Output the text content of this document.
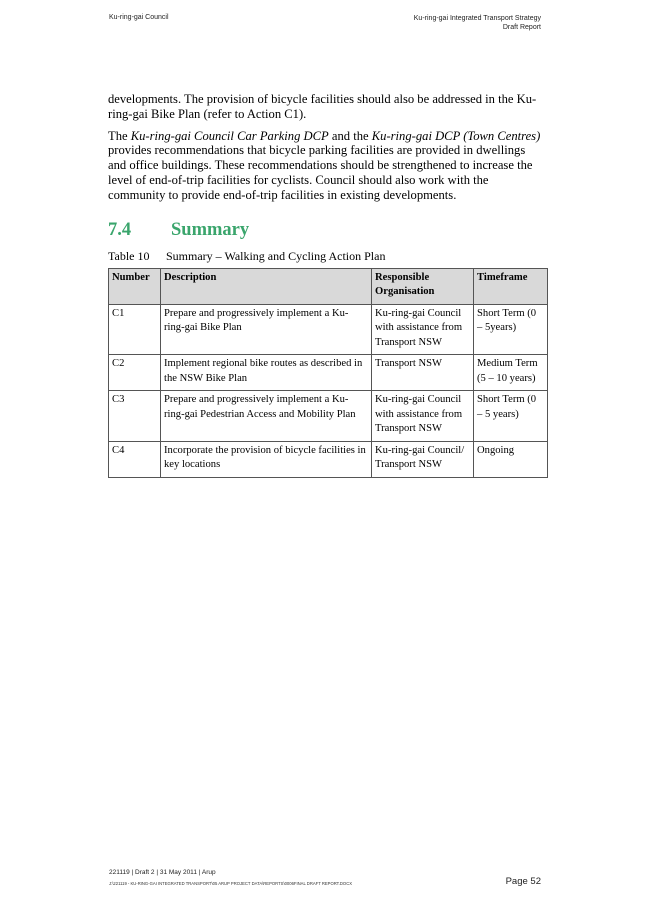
Ku-ring-gai Council	Ku-ring-gai Integrated Transport Strategy
Draft Report

developments. The provision of bicycle facilities should also be addressed in the Ku-ring-gai Bike Plan (refer to Action C1).

The Ku-ring-gai Council Car Parking DCP and the Ku-ring-gai DCP (Town Centres) provides recommendations that bicycle parking facilities are provided in dwellings and office buildings. These recommendations should be strengthened to increase the level of end-of-trip facilities for cyclists. Council should also work with the community to provide end-of-trip facilities in existing developments.

7.4	Summary
Table 10	Summary – Walking and Cycling Action Plan
Number	Description	Responsible Organisation	Timeframe
C1	Prepare and progressively implement a Ku-ring-gai Bike Plan	Ku-ring-gai Council with assistance from Transport NSW	Short Term (0 – 5years)
C2	Implement regional bike routes as described in the NSW Bike Plan	Transport NSW	Medium Term (5 – 10 years)
C3	Prepare and progressively implement a Ku-ring-gai Pedestrian Access and Mobility Plan	Ku-ring-gai Council with assistance from Transport NSW	Short Term (0 – 5 years)
C4	Incorporate the provision of bicycle facilities in key locations	Ku-ring-gai Council/ Transport NSW	Ongoing
221119 | Draft 2 | 31 May 2011 | Arup
J:\221119 - KU-RING-GAI INTEGRATED TRANSPORT\05 ARUP PROJECT DATA\REPORTS\0006FINAL DRAFT REPORT.DOCX	Page 52
